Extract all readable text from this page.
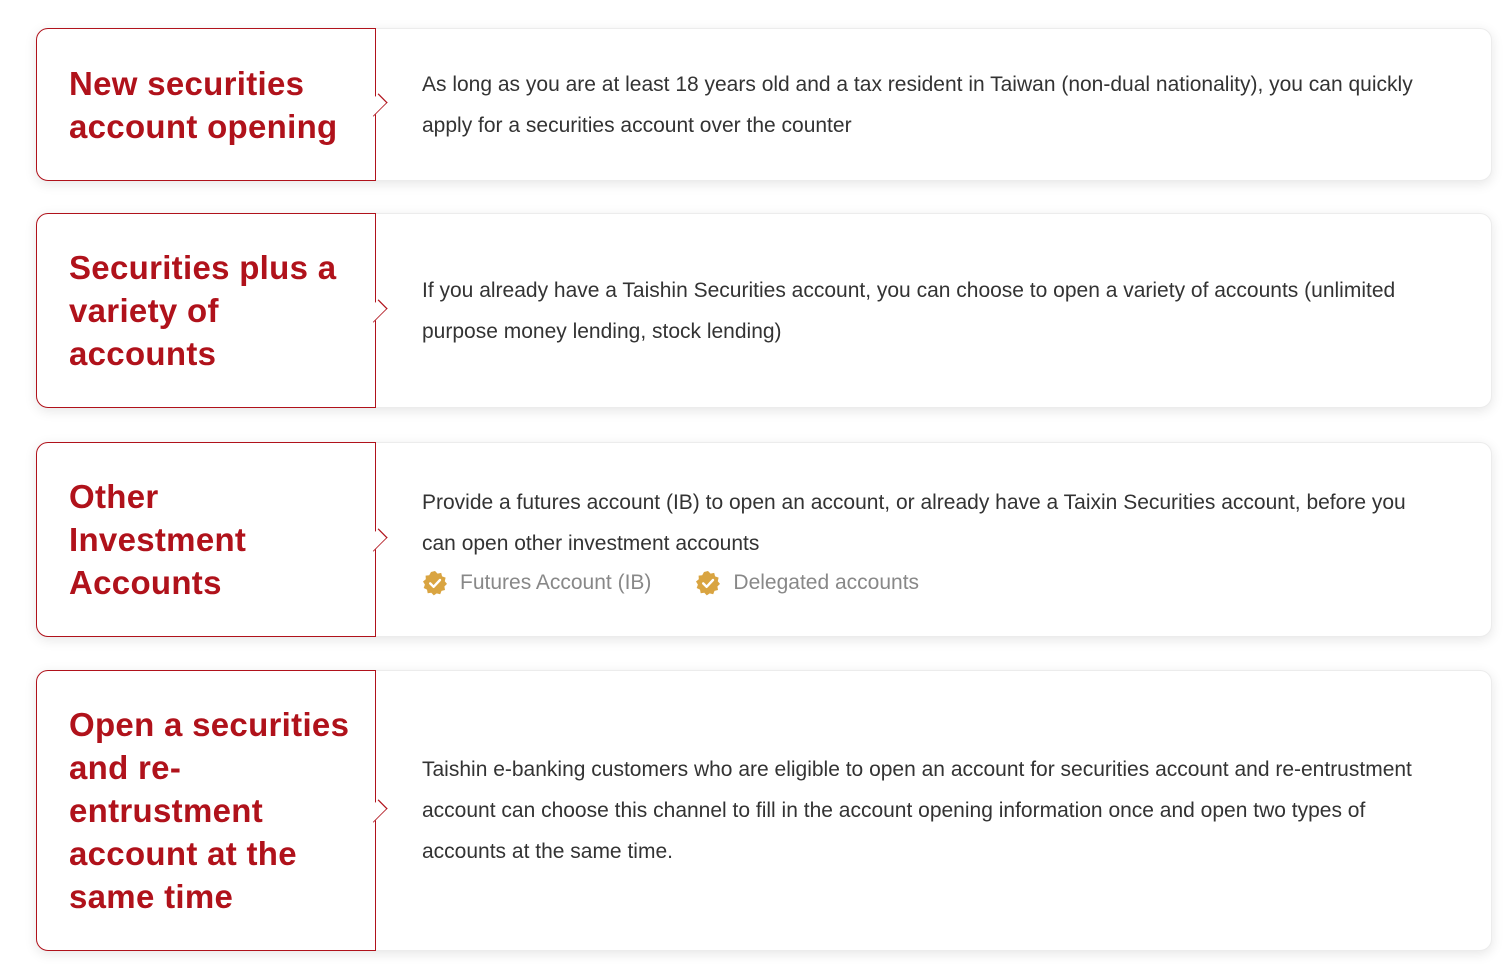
New securities account opening

As long as you are at least 18 years old and a tax resident in Taiwan (non-dual nationality), you can quickly apply for a securities account over the counter

Securities plus a variety of accounts

If you already have a Taishin Securities account, you can choose to open a variety of accounts (unlimited purpose money lending, stock lending)

Other Investment Accounts

Provide a futures account (IB) to open an account, or already have a Taixin Securities account, before you can open other investment accounts

Futures Account (IB)	Delegated accounts
Open a securities and re-entrustment account at the same time

Taishin e-banking customers who are eligible to open an account for securities account and re-entrustment account can choose this channel to fill in the account opening information once and open two types of accounts at the same time.
